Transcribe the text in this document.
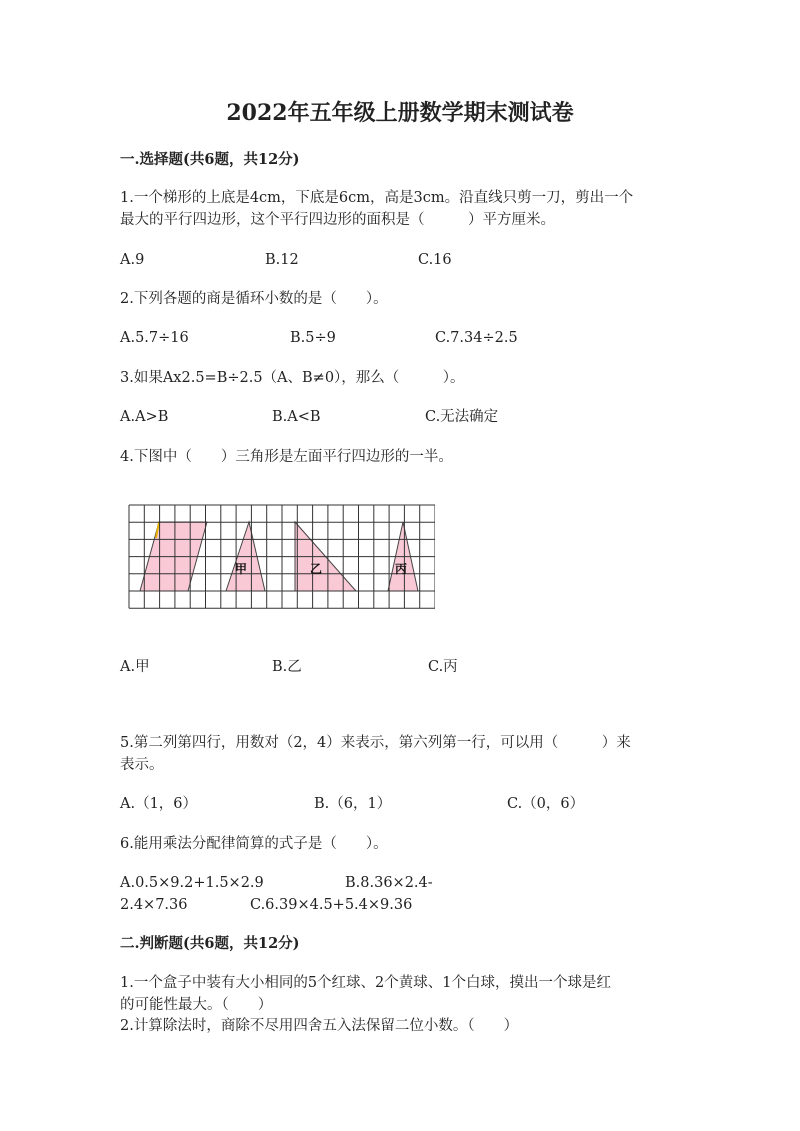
2022年五年级上册数学期末测试卷
一.选择题(共6题，共12分)
1.一个梯形的上底是4cm，下底是6cm，高是3cm。沿直线只剪一刀，剪出一个
最大的平行四边形，这个平行四边形的面积是（　　　）平方厘米。
A.9	B.12	C.16
2.下列各题的商是循环小数的是（　　）。
A.5.7÷16	B.5÷9	C.7.34÷2.5
3.如果Ax2.5=B÷2.5（A、B≠0），那么（　　　）。
A.A>B	B.A<B	C.无法确定
4.下图中（　　）三角形是左面平行四边形的一半。
甲	乙	丙
A.甲	B.乙	C.丙
5.第二列第四行，用数对（2，4）来表示，第六列第一行，可以用（　　　）来
表示。
A.（1，6）	B.（6，1）	C.（0，6）
6.能用乘法分配律简算的式子是（　　）。
A.0.5×9.2+1.5×2.9	B.8.36×2.4-
2.4×7.36	C.6.39×4.5+5.4×9.36
二.判断题(共6题，共12分)
1.一个盒子中装有大小相同的5个红球、2个黄球、1个白球，摸出一个球是红
的可能性最大。（　　）
2.计算除法时，商除不尽用四舍五入法保留二位小数。（　　）
